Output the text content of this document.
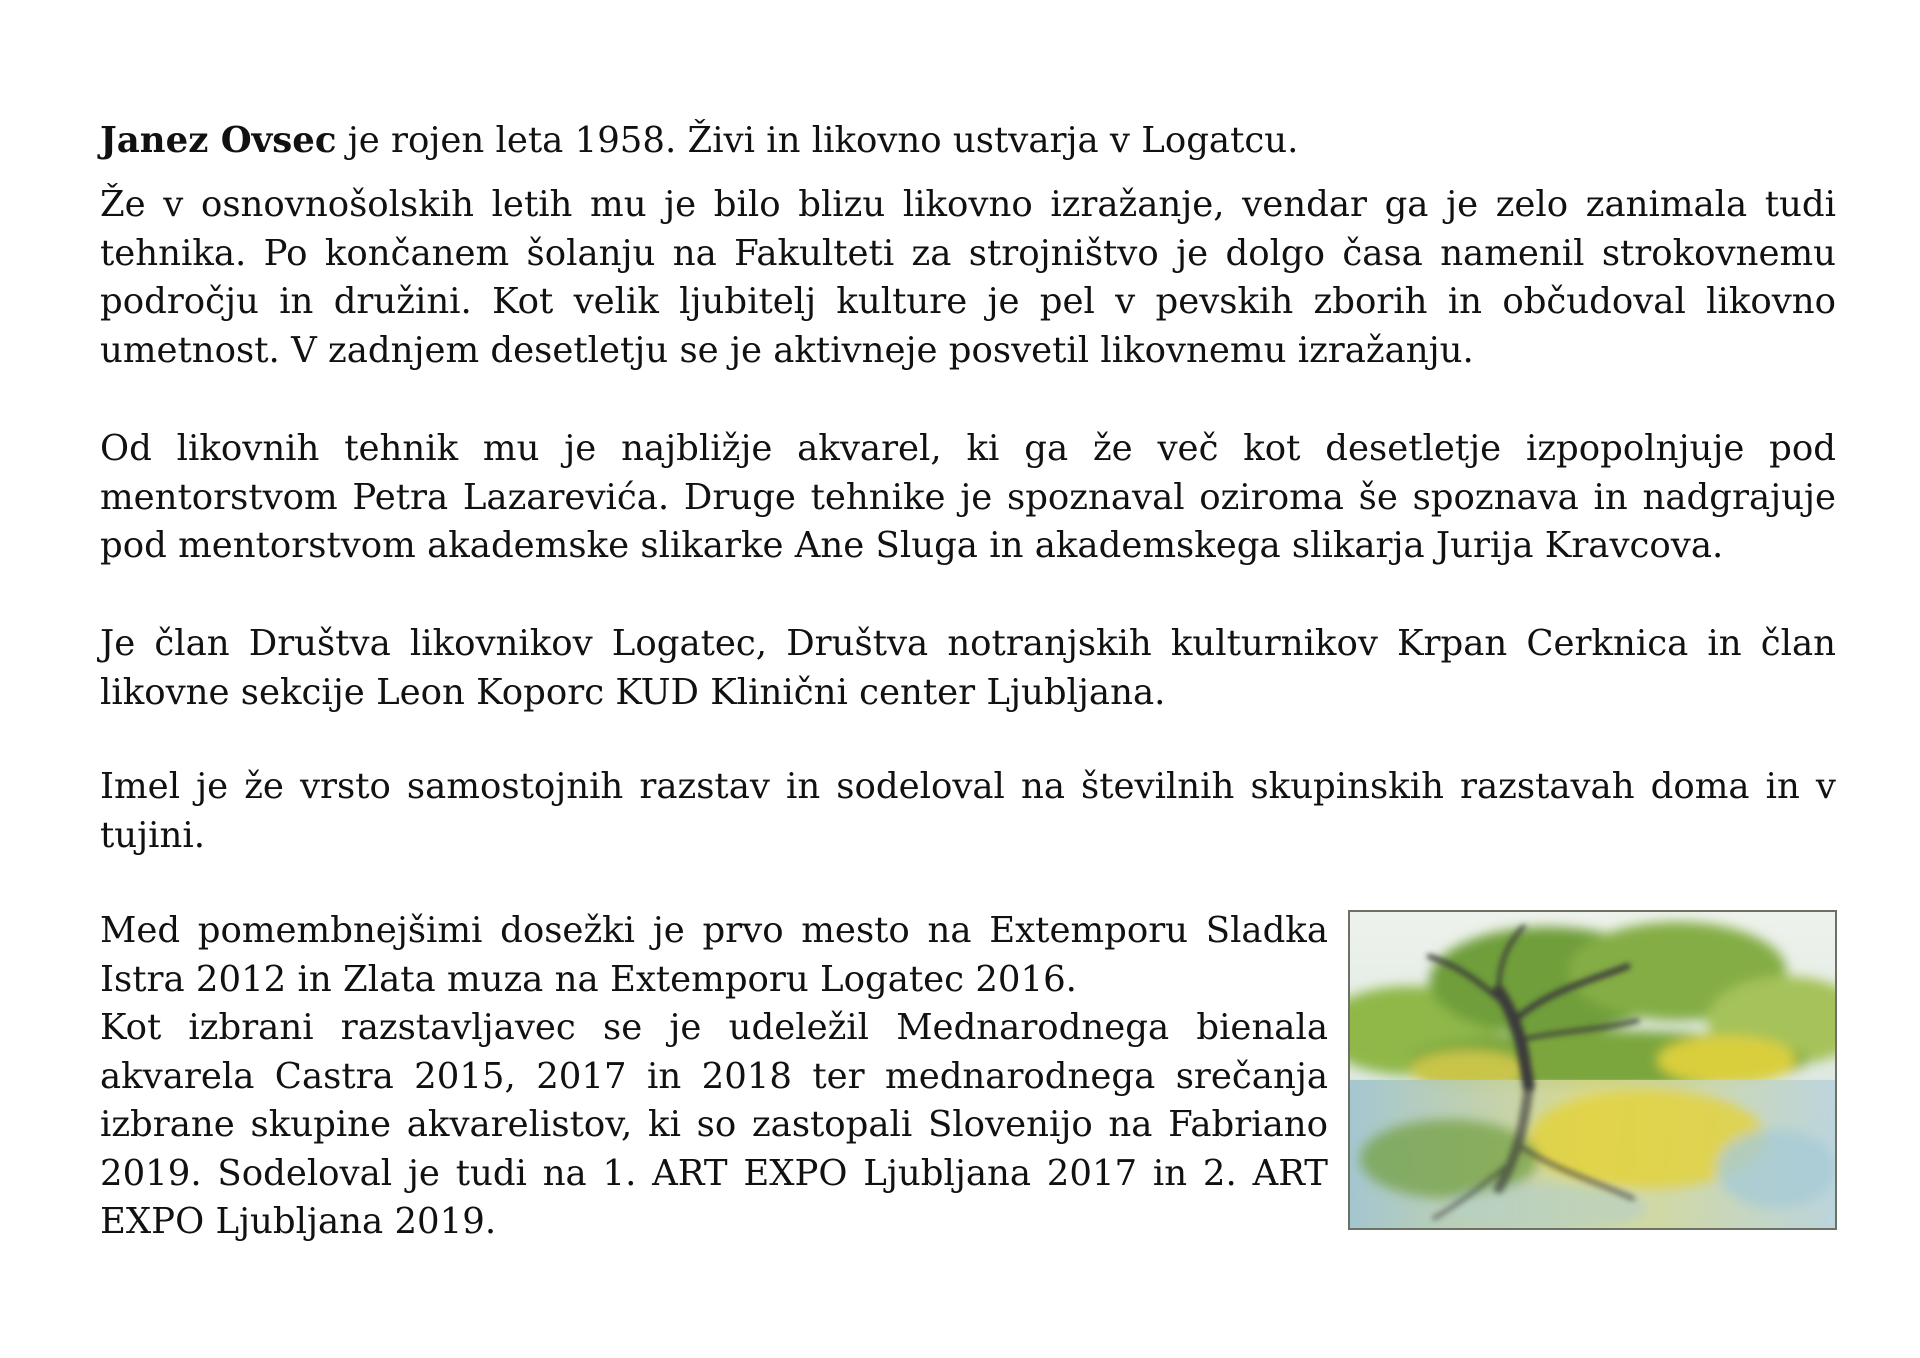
Janez Ovsec je rojen leta 1958. Živi in likovno ustvarja v Logatcu.

Že v osnovnošolskih letih mu je bilo blizu likovno izražanje, vendar ga je zelo zanimala tudi tehnika. Po končanem šolanju na Fakulteti za strojništvo je dolgo časa namenil strokovnemu področju in družini. Kot velik ljubitelj kulture je pel v pevskih zborih in občudoval likovno umetnost. V zadnjem desetletju se je aktivneje posvetil likovnemu izražanju.

Od likovnih tehnik mu je najbližje akvarel, ki ga že več kot desetletje izpopolnjuje pod mentorstvom Petra Lazarevića. Druge tehnike je spoznaval oziroma še spoznava in nadgrajuje pod mentorstvom akademske slikarke Ane Sluga in akademskega slikarja Jurija Kravcova.

Je član Društva likovnikov Logatec, Društva notranjskih kulturnikov Krpan Cerknica in član likovne sekcije Leon Koporc KUD Klinični center Ljubljana.

Imel je že vrsto samostojnih razstav in sodeloval na številnih skupinskih razstavah doma in v tujini.

Med pomembnejšimi dosežki je prvo mesto na Extemporu Sladka Istra 2012 in Zlata muza na Extemporu Logatec 2016.
Kot izbrani razstavljavec se je udeležil Mednarodnega bienala akvarela Castra 2015, 2017 in 2018 ter mednarodnega srečanja izbrane skupine akvarelistov, ki so zastopali Slovenijo na Fabriano 2019. Sodeloval je tudi na 1. ART EXPO Ljubljana 2017 in 2. ART EXPO Ljubljana 2019.
